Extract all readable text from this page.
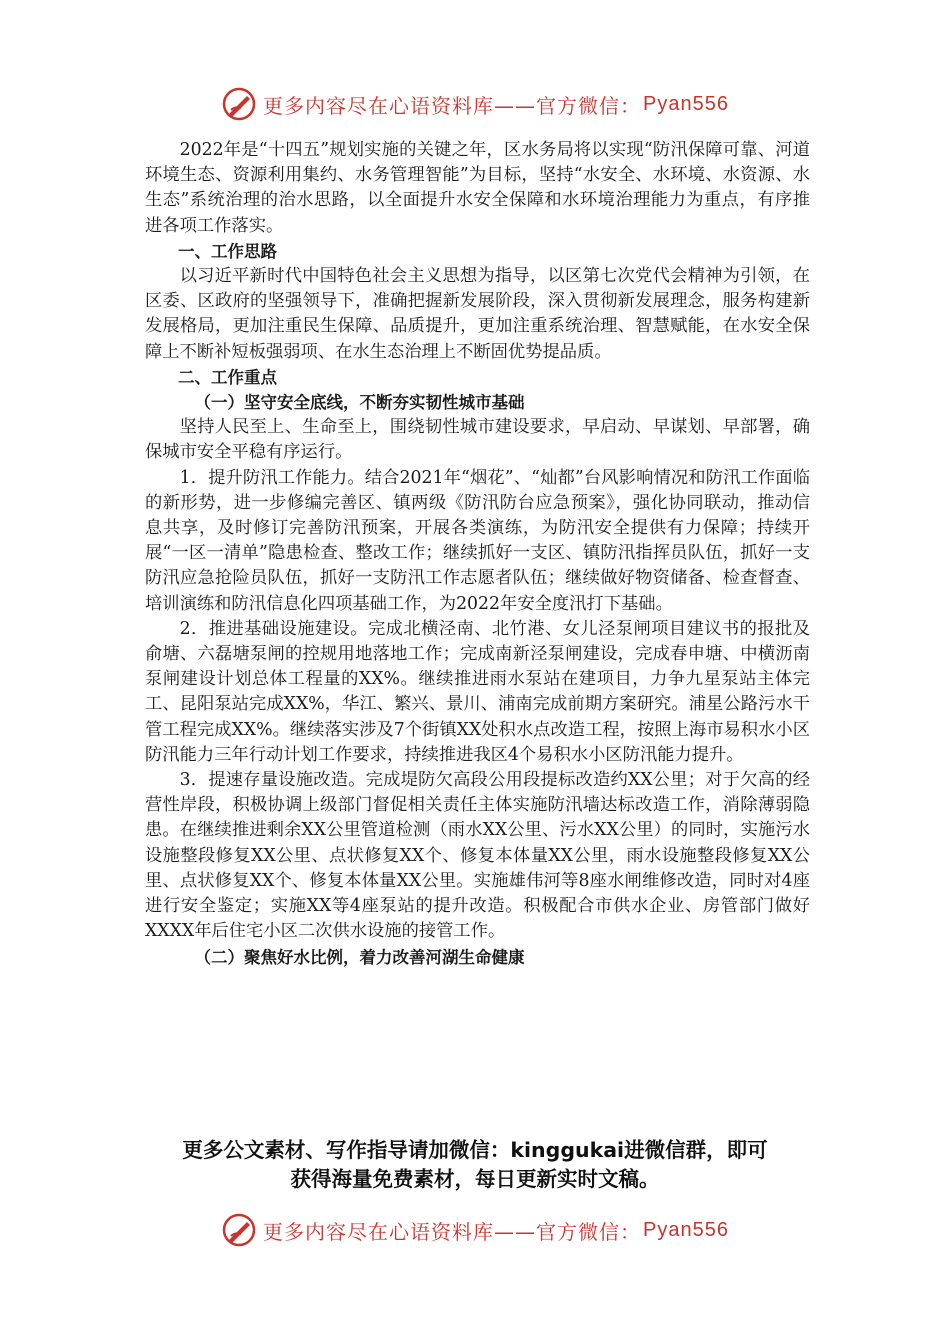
更多内容尽在心语资料库——官方微信： Pyan556

2022年是“十四五”规划实施的关键之年，区水务局将以实现“防汛保障可靠、河道环境生态、资源利用集约、水务管理智能”为目标，坚持“水安全、水环境、水资源、水生态”系统治理的治水思路，以全面提升水安全保障和水环境治理能力为重点，有序推进各项工作落实。

一、工作思路

以习近平新时代中国特色社会主义思想为指导，以区第七次党代会精神为引领，在区委、区政府的坚强领导下，准确把握新发展阶段，深入贯彻新发展理念，服务构建新发展格局，更加注重民生保障、品质提升，更加注重系统治理、智慧赋能，在水安全保障上不断补短板强弱项、在水生态治理上不断固优势提品质。

二、工作重点

（一）坚守安全底线，不断夯实韧性城市基础

坚持人民至上、生命至上，围绕韧性城市建设要求，早启动、早谋划、早部署，确保城市安全平稳有序运行。

1．提升防汛工作能力。结合2021年“烟花”、“灿都”台风影响情况和防汛工作面临的新形势，进一步修编完善区、镇两级《防汛防台应急预案》，强化协同联动，推动信息共享，及时修订完善防汛预案，开展各类演练，为防汛安全提供有力保障；持续开展“一区一清单”隐患检查、整改工作；继续抓好一支区、镇防汛指挥员队伍，抓好一支防汛应急抢险员队伍，抓好一支防汛工作志愿者队伍；继续做好物资储备、检查督查、培训演练和防汛信息化四项基础工作，为2022年安全度汛打下基础。

2．推进基础设施建设。完成北横泾南、北竹港、女儿泾泵闸项目建议书的报批及俞塘、六磊塘泵闸的控规用地落地工作；完成南新泾泵闸建设，完成春申塘、中横沥南泵闸建设计划总体工程量的XX%。继续推进雨水泵站在建项目，力争九星泵站主体完工、昆阳泵站完成XX%，华江、繁兴、景川、浦南完成前期方案研究。浦星公路污水干管工程完成XX%。继续落实涉及7个街镇XX处积水点改造工程，按照上海市易积水小区防汛能力三年行动计划工作要求，持续推进我区4个易积水小区防汛能力提升。

3．提速存量设施改造。完成堤防欠高段公用段提标改造约XX公里；对于欠高的经营性岸段，积极协调上级部门督促相关责任主体实施防汛墙达标改造工作，消除薄弱隐患。在继续推进剩余XX公里管道检测（雨水XX公里、污水XX公里）的同时，实施污水设施整段修复XX公里、点状修复XX个、修复本体量XX公里，雨水设施整段修复XX公里、点状修复XX个、修复本体量XX公里。实施雄伟河等8座水闸维修改造，同时对4座进行安全鉴定；实施XX等4座泵站的提升改造。积极配合市供水企业、房管部门做好XXXX年后住宅小区二次供水设施的接管工作。

（二）聚焦好水比例，着力改善河湖生命健康

更多公文素材、写作指导请加微信：kinggukai进微信群，即可
获得海量免费素材，每日更新实时文稿。
更多内容尽在心语资料库——官方微信： Pyan556
